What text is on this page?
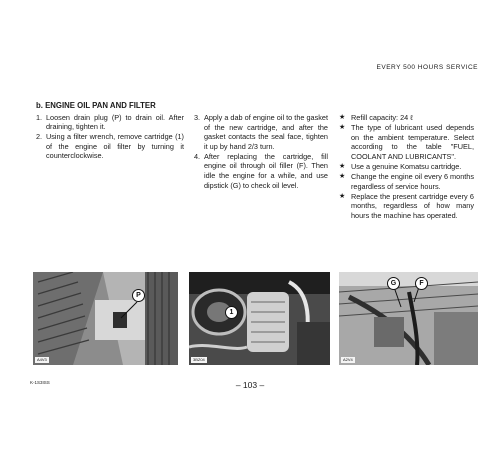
EVERY 500 HOURS SERVICE
b. ENGINE OIL PAN AND FILTER
1. Loosen drain plug (P) to drain oil. After draining, tighten it.
2. Using a filter wrench, remove cartridge (1) of the engine oil filter by turning it counterclockwise.
3. Apply a dab of engine oil to the gasket of the new cartridge, and after the gasket contacts the seal face, tighten it up by hand 2/3 turn.
4. After replacing the cartridge, fill engine oil through oil filler (F). Then idle the engine for a while, and use dipstick (G) to check oil level.
★ Refill capacity: 24 ℓ
★ The type of lubricant used depends on the ambient temperature. Select according to the table "FUEL, COOLANT AND LUBRICANTS".
★ Use a genuine Komatsu cartridge.
★ Change the engine oil every 6 months regardless of service hours.
★ Replace the present cartridge every 6 months, regardless of how many hours the machine has operated.
P
A4V3
1
3BZ04
G	F
A2V4
K-1S3ISS	– 103 –
